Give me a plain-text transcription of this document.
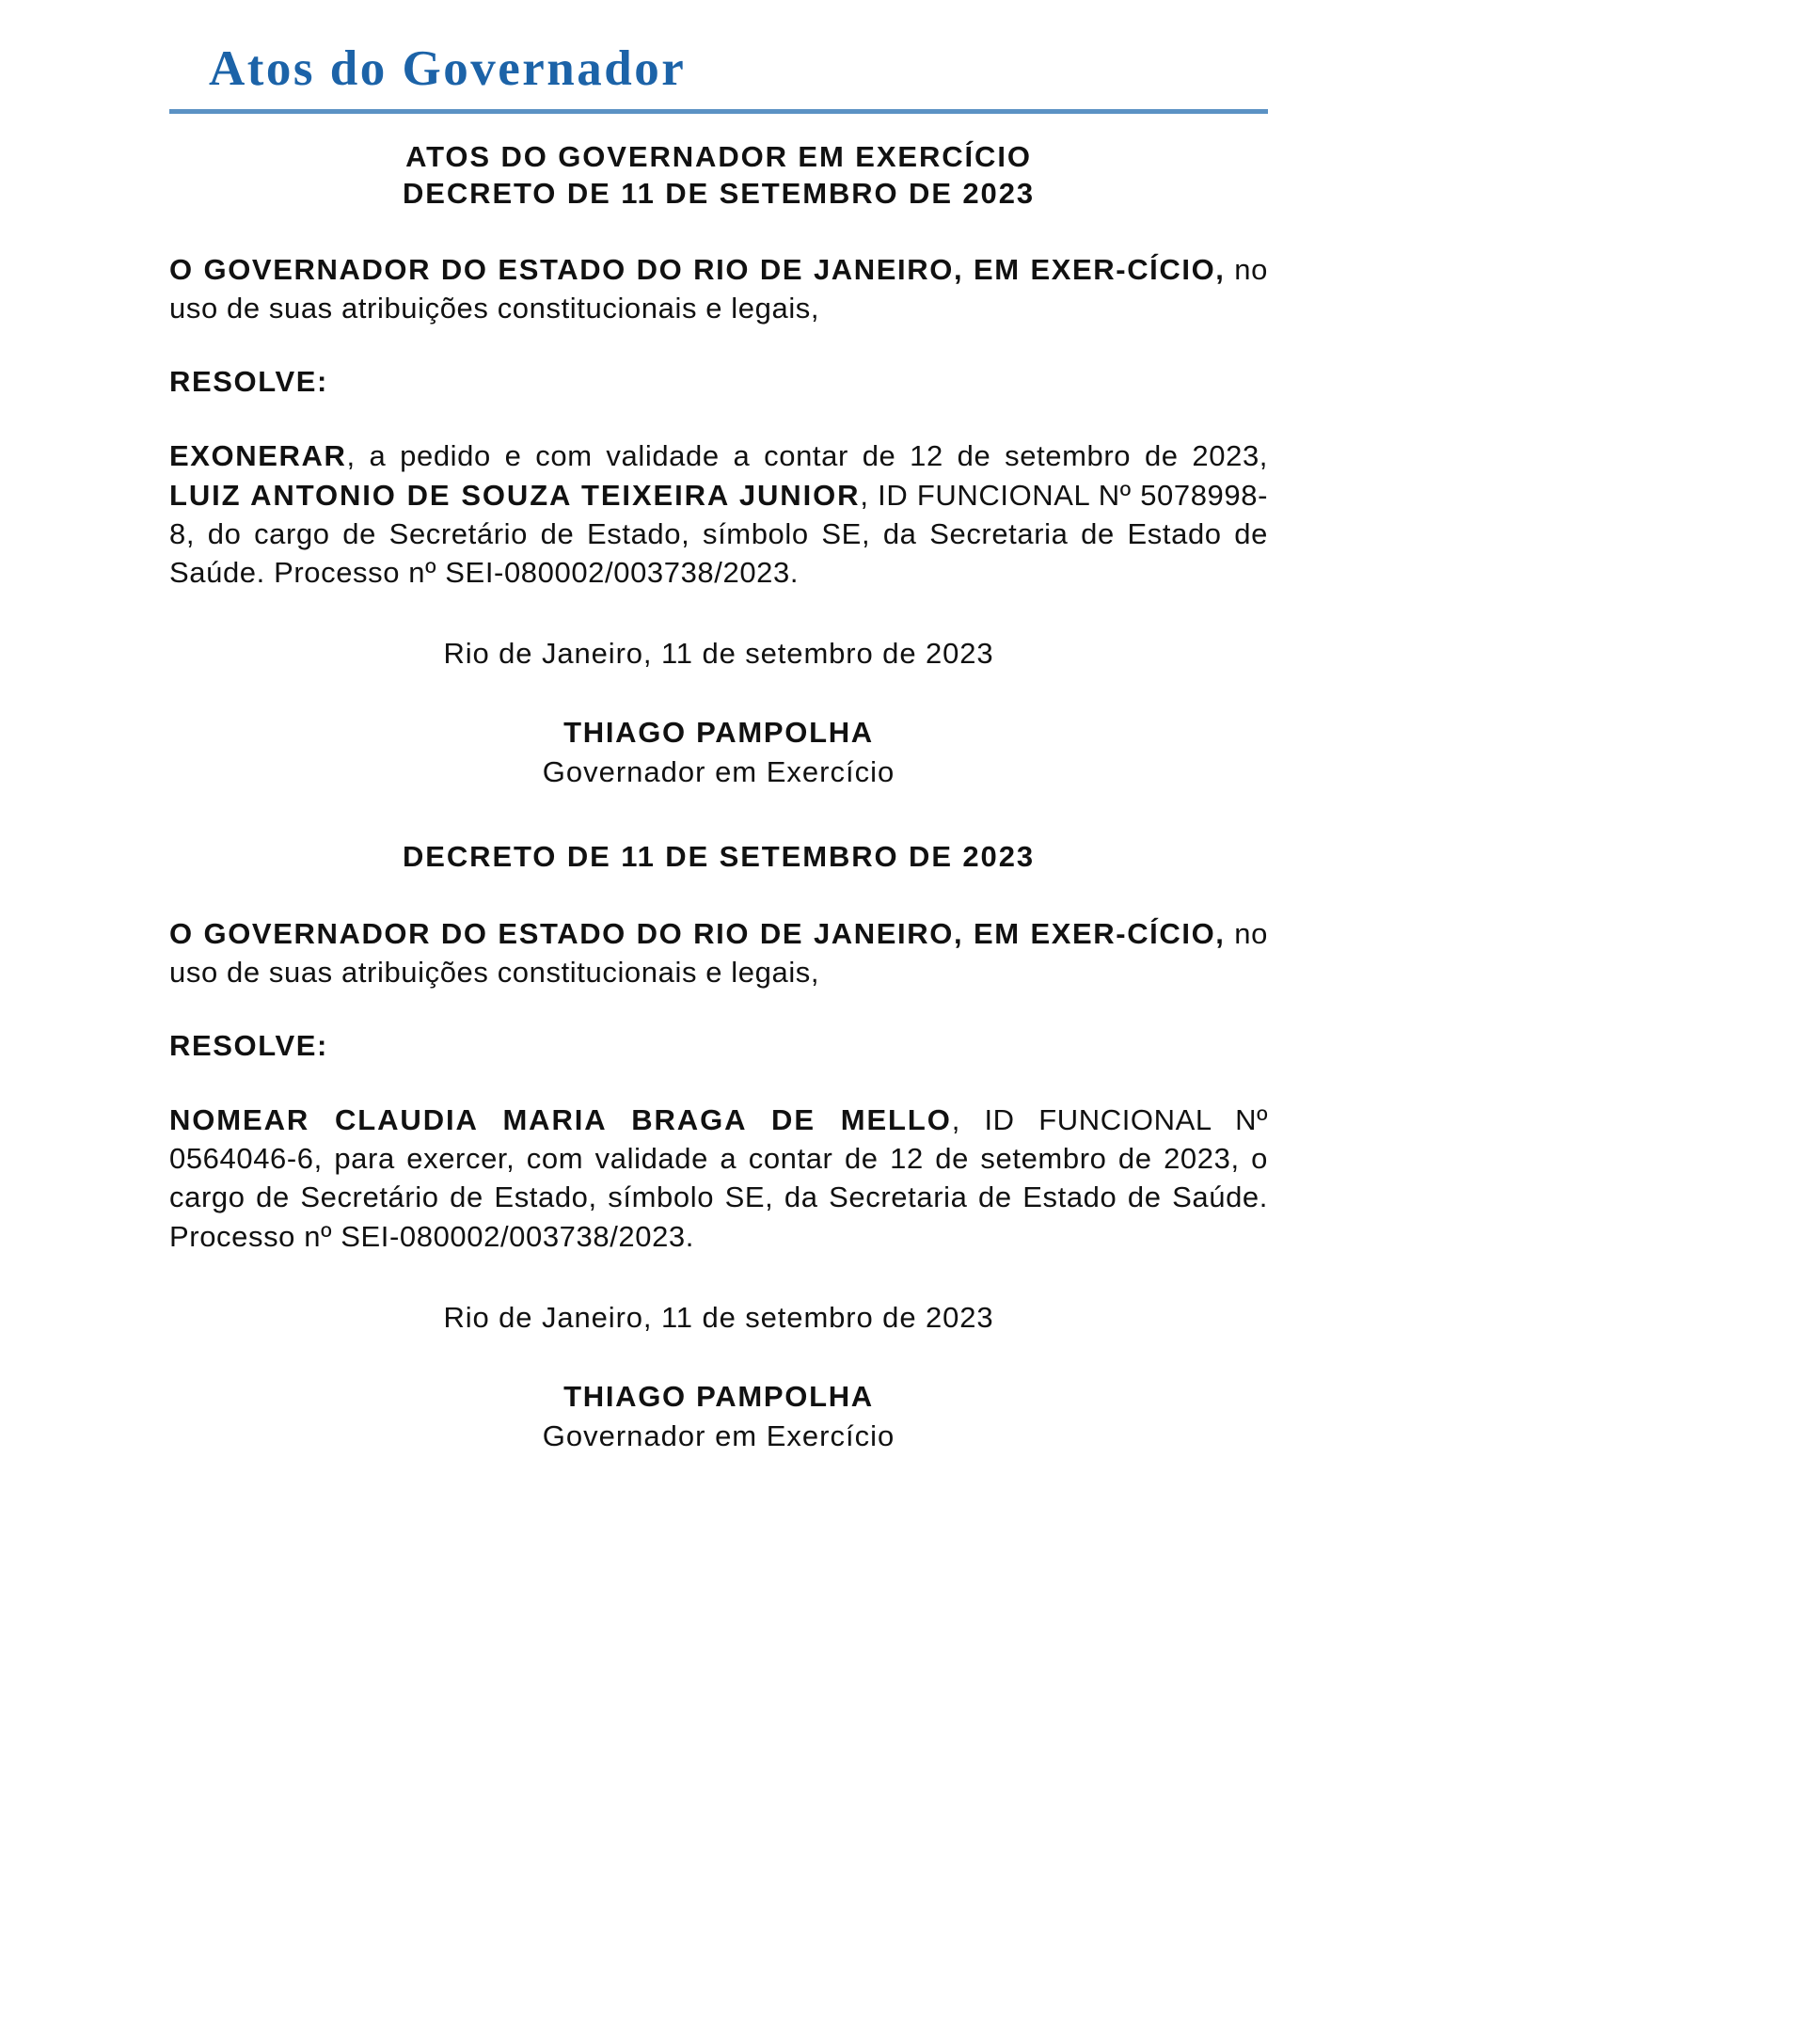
Atos do Governador
ATOS DO GOVERNADOR EM EXERCÍCIO
DECRETO DE 11 DE SETEMBRO DE 2023
O GOVERNADOR DO ESTADO DO RIO DE JANEIRO, EM EXER-CÍCIO, no uso de suas atribuições constitucionais e legais,
RESOLVE:
EXONERAR, a pedido e com validade a contar de 12 de setembro de 2023, LUIZ ANTONIO DE SOUZA TEIXEIRA JUNIOR, ID FUNCIONAL Nº 5078998-8, do cargo de Secretário de Estado, símbolo SE, da Secretaria de Estado de Saúde. Processo nº SEI-080002/003738/2023.
Rio de Janeiro, 11 de setembro de 2023
THIAGO PAMPOLHA
Governador em Exercício
DECRETO DE 11 DE SETEMBRO DE 2023
O GOVERNADOR DO ESTADO DO RIO DE JANEIRO, EM EXER-CÍCIO, no uso de suas atribuições constitucionais e legais,
RESOLVE:
NOMEAR CLAUDIA MARIA BRAGA DE MELLO, ID FUNCIONAL Nº 0564046-6, para exercer, com validade a contar de 12 de setembro de 2023, o cargo de Secretário de Estado, símbolo SE, da Secretaria de Estado de Saúde. Processo nº SEI-080002/003738/2023.
Rio de Janeiro, 11 de setembro de 2023
THIAGO PAMPOLHA
Governador em Exercício
